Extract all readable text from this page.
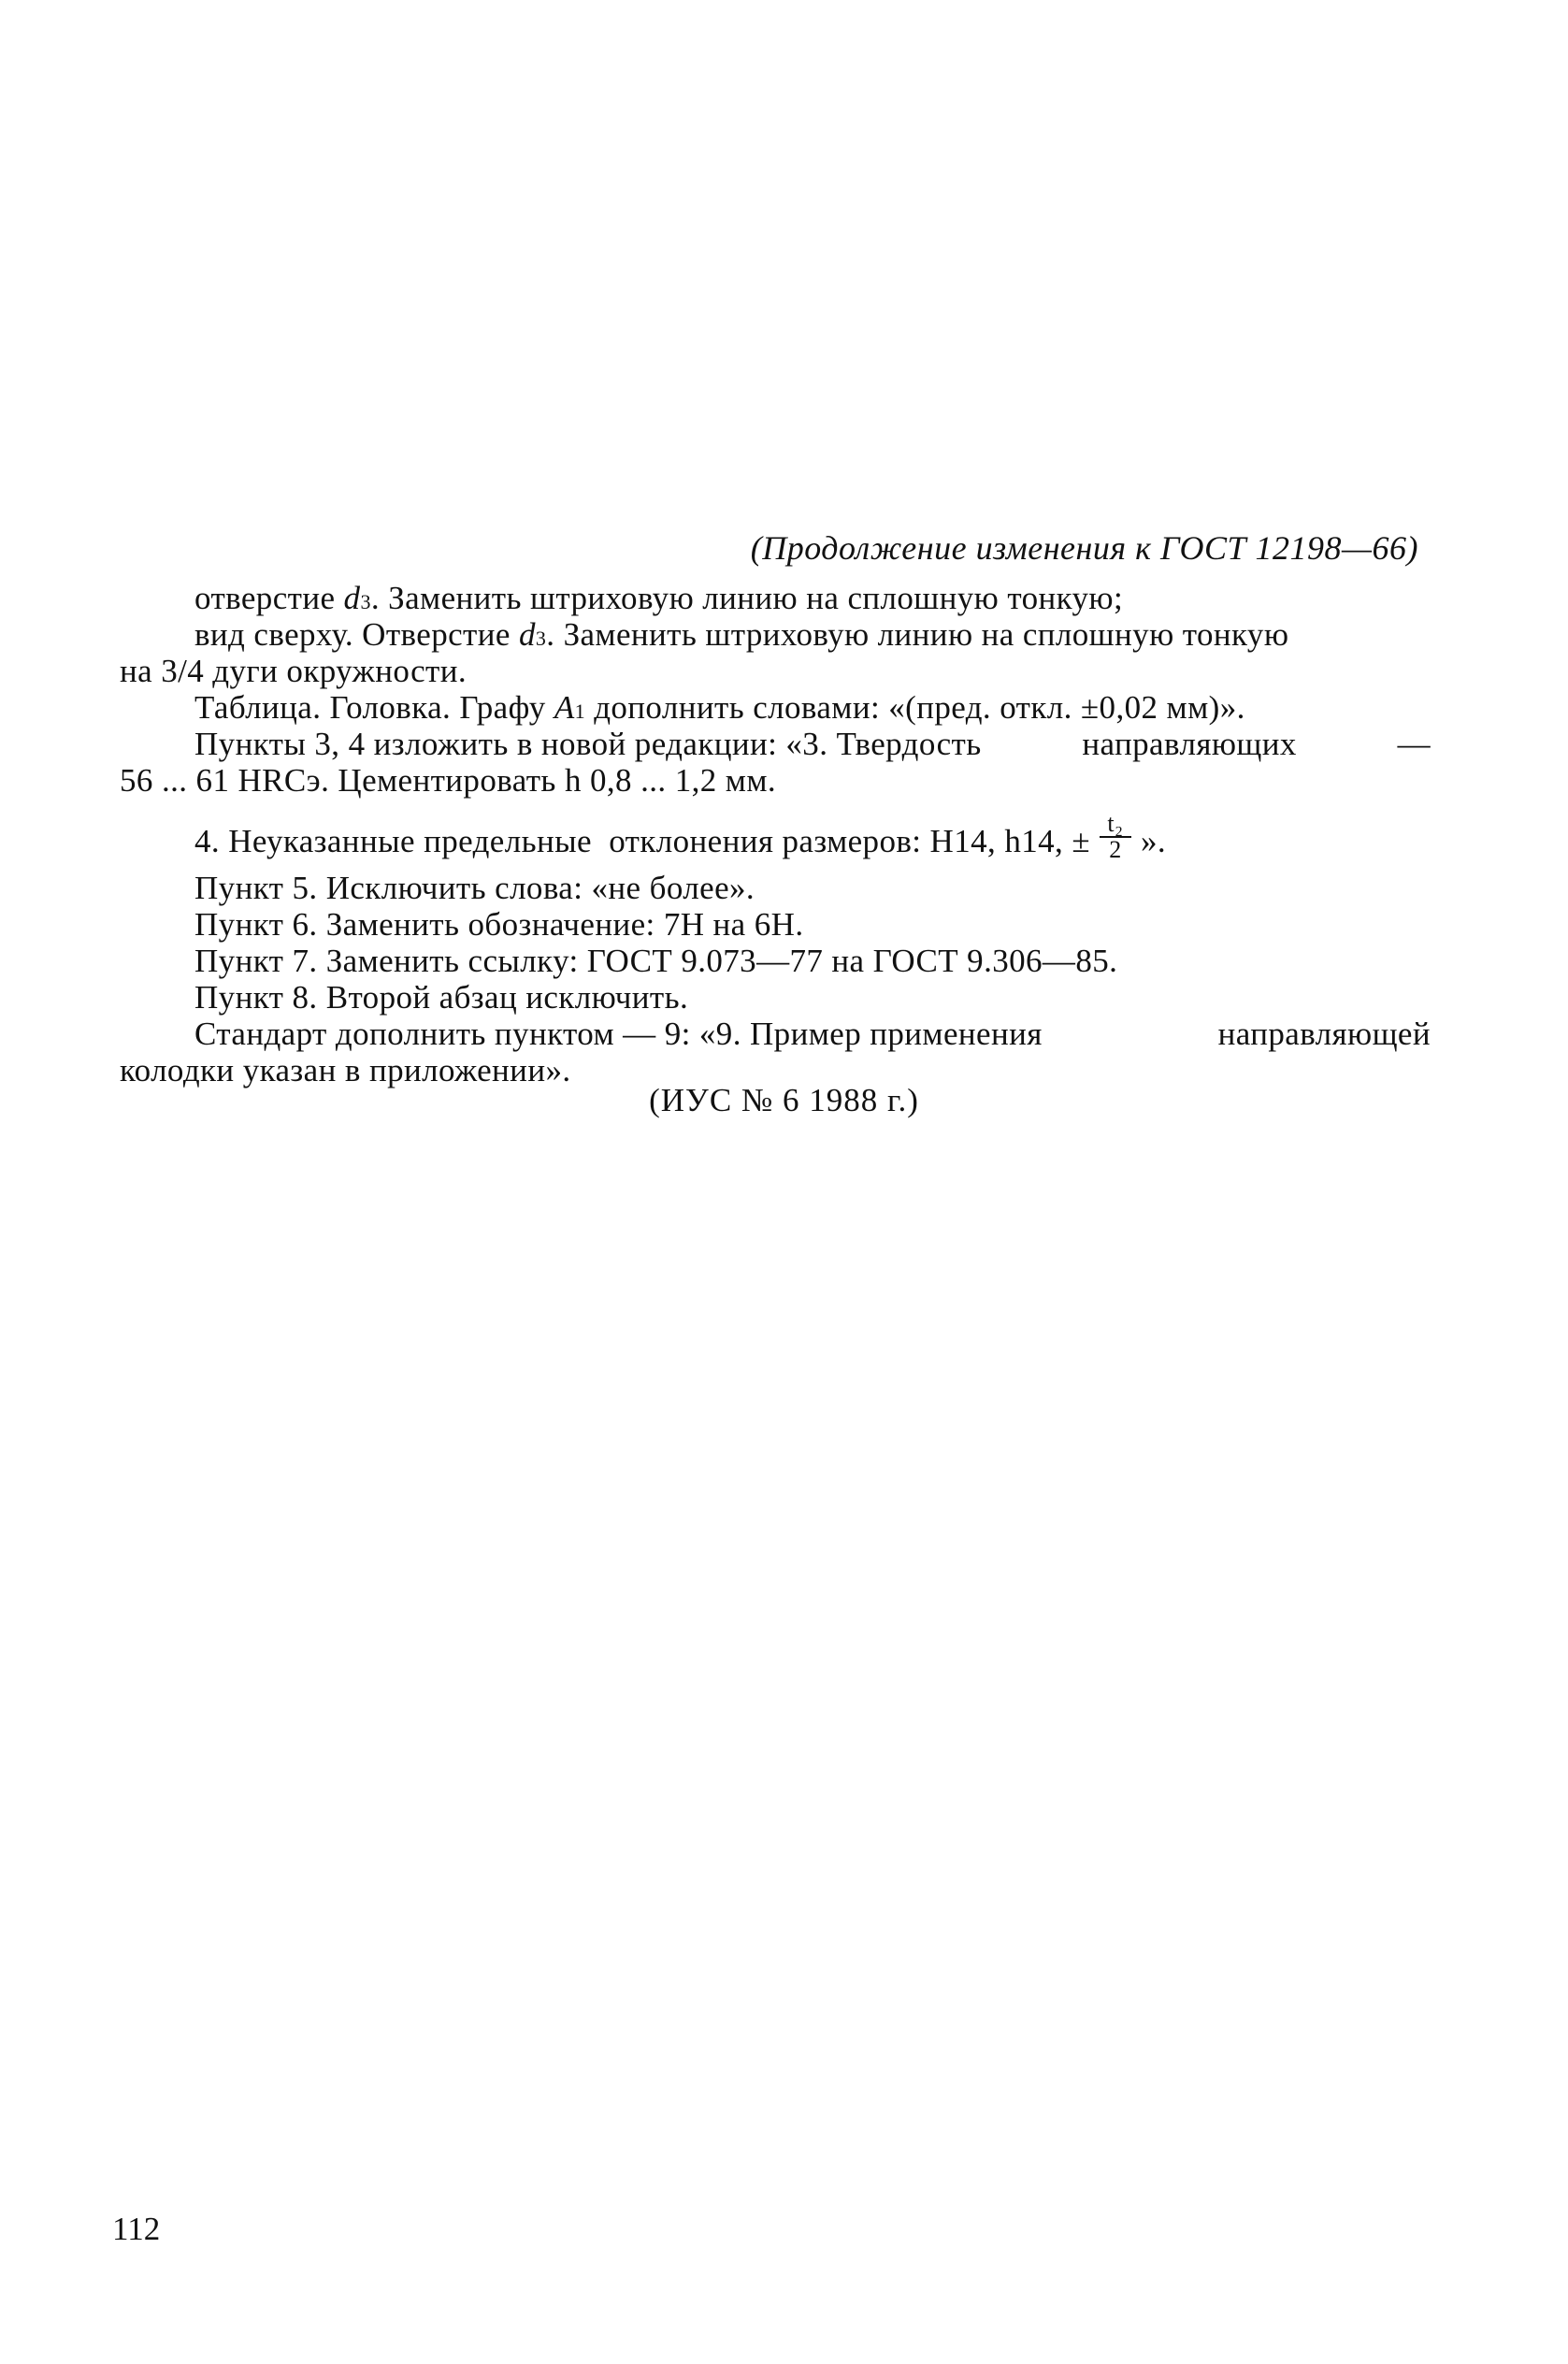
(Продолжение изменения к ГОСТ 12198—66)
отверстие d 3 . Заменить штриховую линию на сплошную тонкую;
вид сверху. Отверстие d 3 . Заменить штриховую линию на сплошную тонкую
на 3/4 дуги окружности.
Таблица. Головка. Графу A 1 дополнить словами: «(пред. откл. ±0,02 мм)».
Пункты 3, 4 изложить в новой редакции: «3. Твердость	направляющих	—
56 ... 61 HRCэ. Цементировать h 0,8 ... 1,2 мм.
4. Неуказанные предельные  отклонения размеров: H14, h14, ± $\frac{\text{t₂}}{2}$ ».
Пункт 5. Исключить слова: «не более».
Пункт 6. Заменить обозначение: 7H на 6H.
Пункт 7. Заменить ссылку: ГОСТ 9.073—77 на ГОСТ 9.306—85.
Пункт 8. Второй абзац исключить.
Стандарт дополнить пунктом — 9: «9. Пример применения	направляющей
колодки указан в приложении».
(ИУС № 6 1988 г.)
112
